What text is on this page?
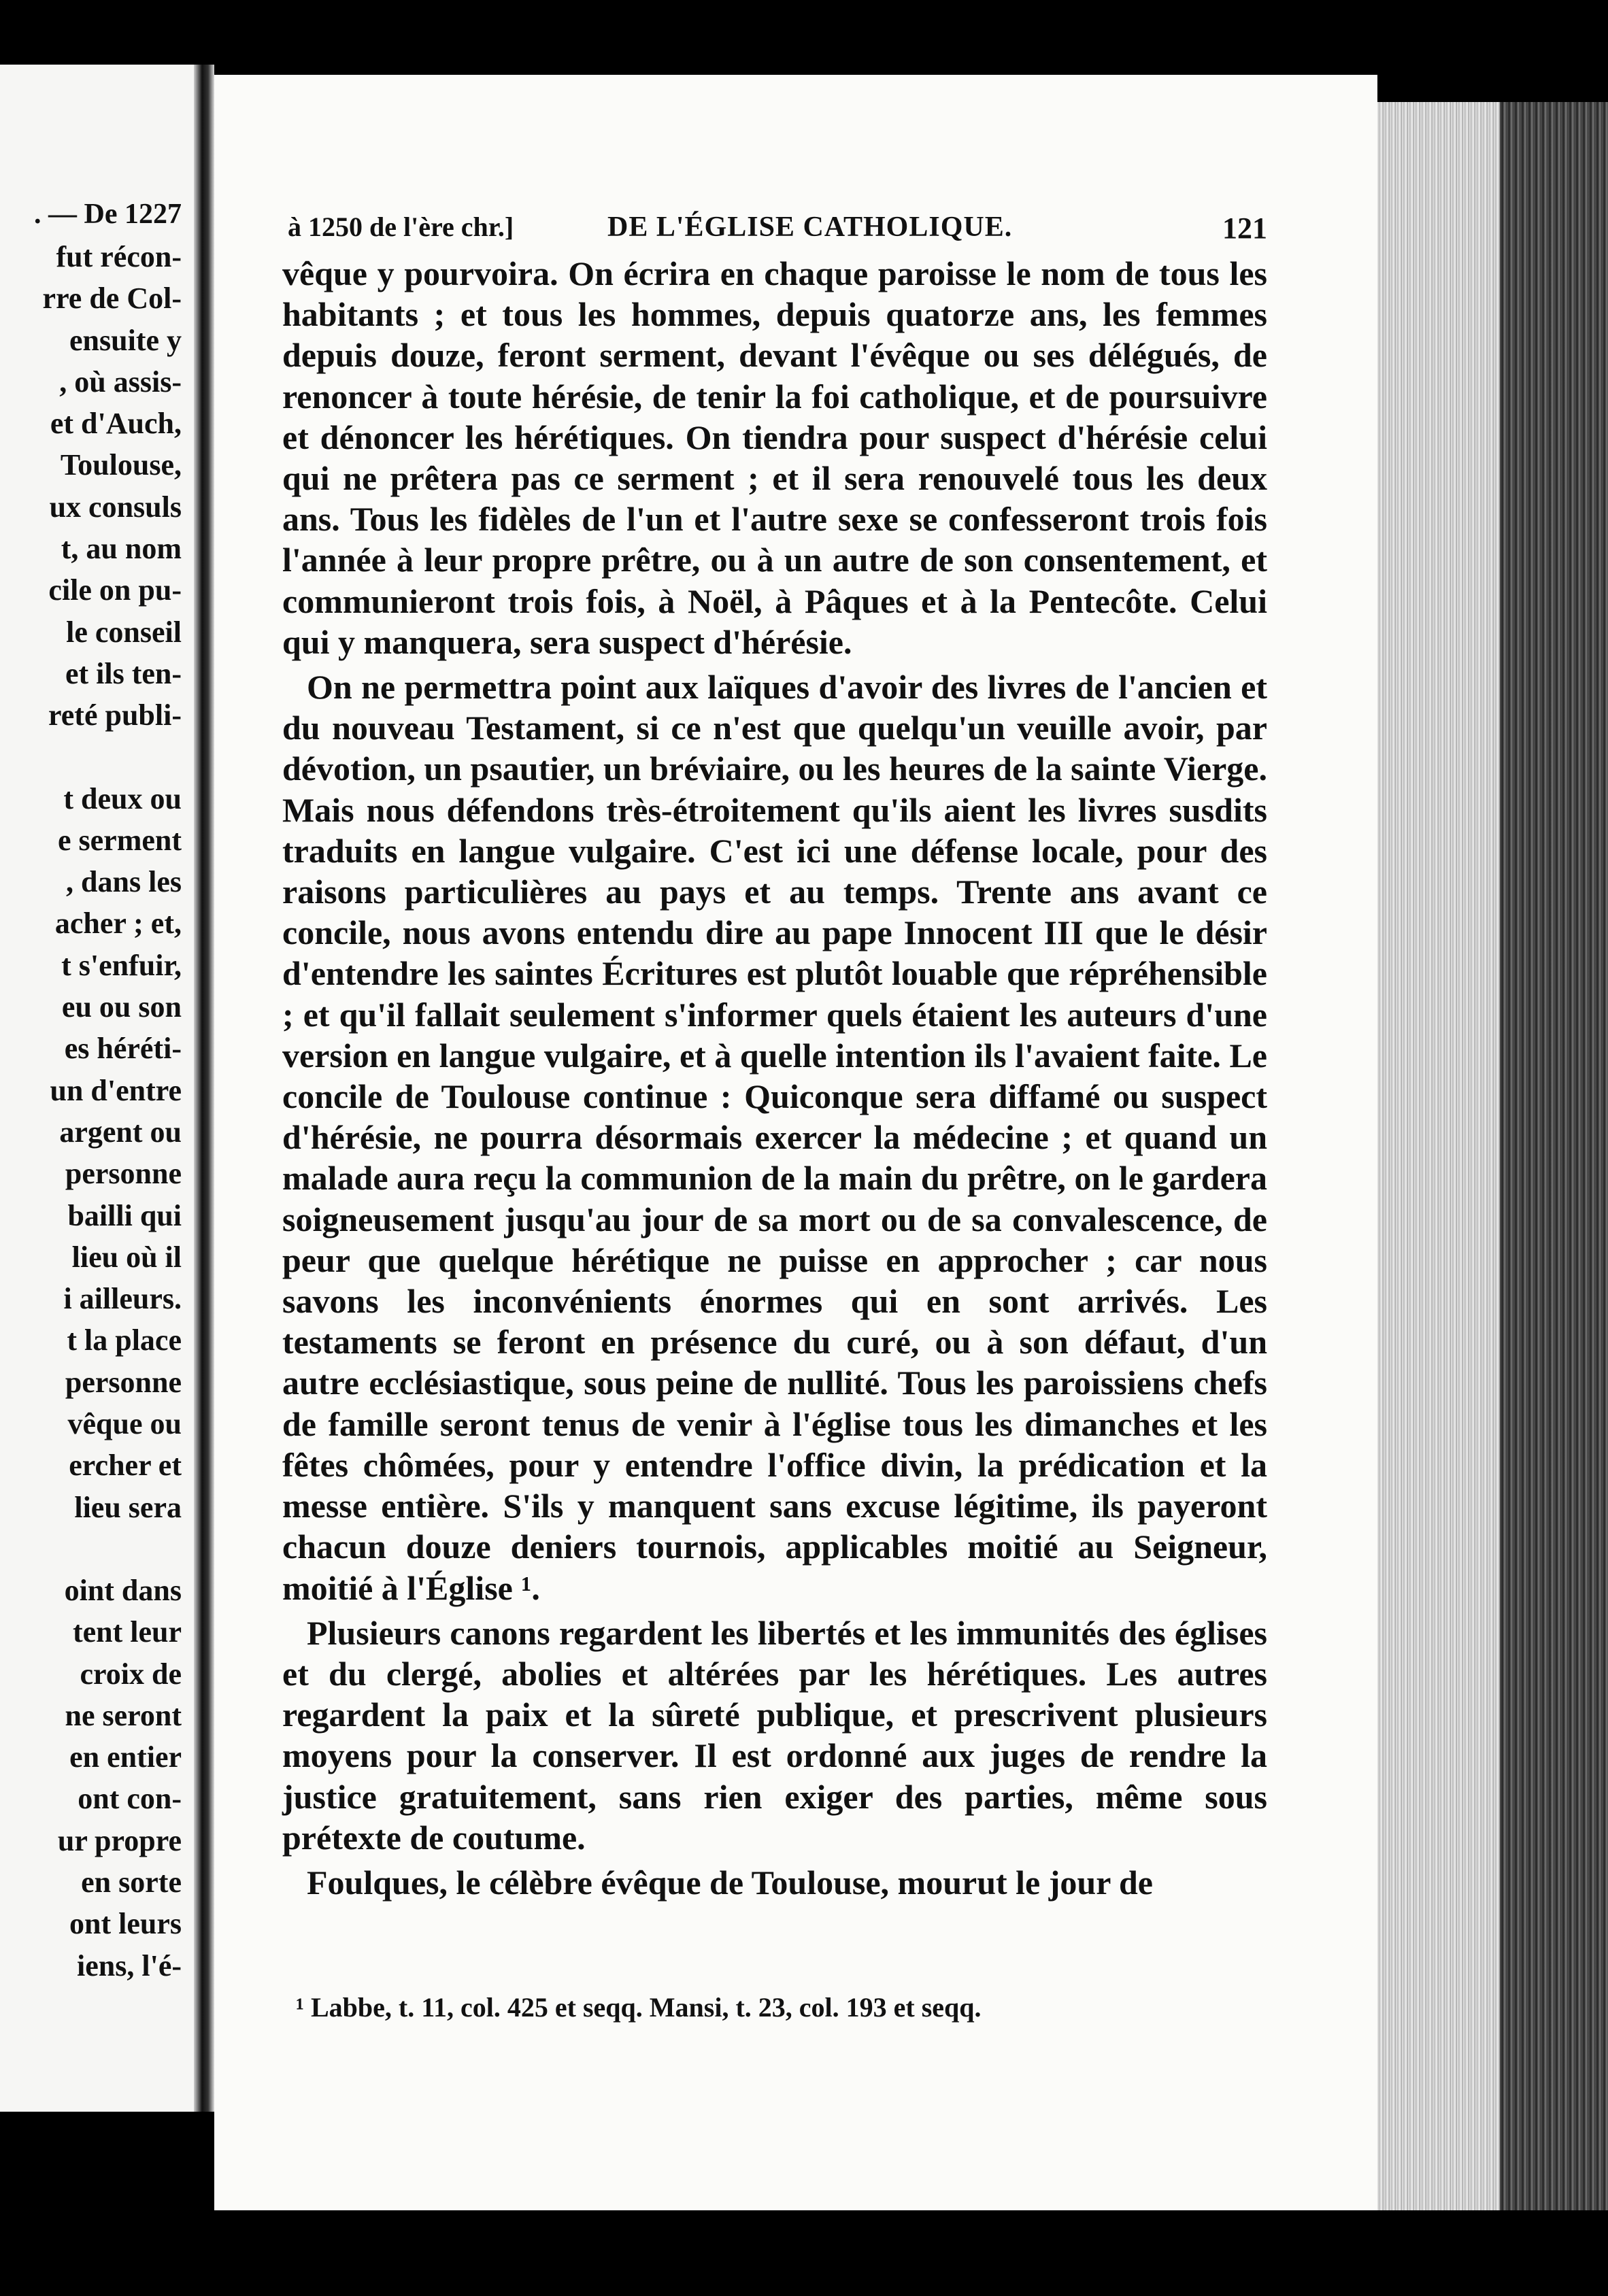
. — De 1227
fut récon-
rre de Col-
ensuite y
, où assis-
et d'Auch,
Toulouse,
ux consuls
t, au nom
cile on pu-
le conseil
et ils ten-
reté publi-
t deux ou
e serment
, dans les
acher ; et,
t s'enfuir,
eu ou son
es héréti-
un d'entre
argent ou
personne
bailli qui
lieu où il
i ailleurs.
t la place
personne
vêque ou
ercher et
lieu sera
oint dans
tent leur
croix de
ne seront
en entier
ont con-
ur propre
en sorte
ont leurs
iens, l'é-
à 1250 de l'ère chr.]	DE L'ÉGLISE CATHOLIQUE.	121

vêque y pourvoira. On écrira en chaque paroisse le nom de tous les habitants ; et tous les hommes, depuis quatorze ans, les femmes depuis douze, feront serment, devant l'évêque ou ses délégués, de renoncer à toute hérésie, de tenir la foi catholique, et de poursuivre et dénoncer les hérétiques. On tiendra pour suspect d'hérésie celui qui ne prêtera pas ce serment ; et il sera renouvelé tous les deux ans. Tous les fidèles de l'un et l'autre sexe se confesseront trois fois l'année à leur propre prêtre, ou à un autre de son consentement, et communieront trois fois, à Noël, à Pâques et à la Pentecôte. Celui qui y manquera, sera suspect d'hérésie.

On ne permettra point aux laïques d'avoir des livres de l'ancien et du nouveau Testament, si ce n'est que quelqu'un veuille avoir, par dévotion, un psautier, un bréviaire, ou les heures de la sainte Vierge. Mais nous défendons très-étroitement qu'ils aient les livres susdits traduits en langue vulgaire. C'est ici une défense locale, pour des raisons particulières au pays et au temps. Trente ans avant ce concile, nous avons entendu dire au pape Innocent III que le désir d'entendre les saintes Écritures est plutôt louable que répréhensible ; et qu'il fallait seulement s'informer quels étaient les auteurs d'une version en langue vulgaire, et à quelle intention ils l'avaient faite. Le concile de Toulouse continue : Quiconque sera diffamé ou suspect d'hérésie, ne pourra désormais exercer la médecine ; et quand un malade aura reçu la communion de la main du prêtre, on le gardera soigneusement jusqu'au jour de sa mort ou de sa convalescence, de peur que quelque hérétique ne puisse en approcher ; car nous savons les inconvénients énormes qui en sont arrivés. Les testaments se feront en présence du curé, ou à son défaut, d'un autre ecclésiastique, sous peine de nullité. Tous les paroissiens chefs de famille seront tenus de venir à l'église tous les dimanches et les fêtes chômées, pour y entendre l'office divin, la prédication et la messe entière. S'ils y manquent sans excuse légitime, ils payeront chacun douze deniers tournois, applicables moitié au Seigneur, moitié à l'Église ¹.

Plusieurs canons regardent les libertés et les immunités des églises et du clergé, abolies et altérées par les hérétiques. Les autres regardent la paix et la sûreté publique, et prescrivent plusieurs moyens pour la conserver. Il est ordonné aux juges de rendre la justice gratuitement, sans rien exiger des parties, même sous prétexte de coutume.

Foulques, le célèbre évêque de Toulouse, mourut le jour de

¹ Labbe, t. 11, col. 425 et seqq. Mansi, t. 23, col. 193 et seqq.
